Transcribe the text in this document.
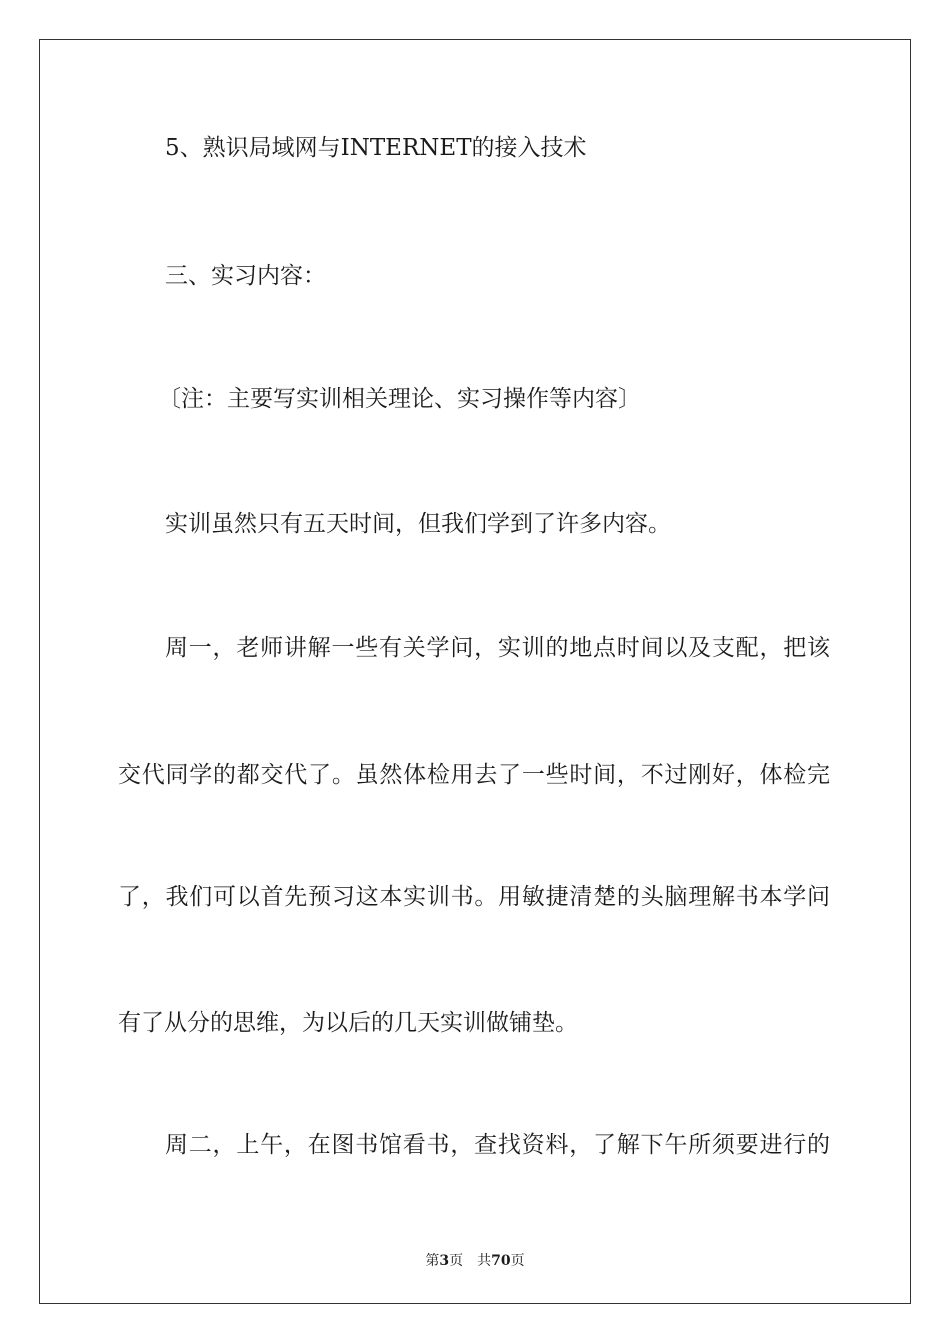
5、熟识局域网与INTERNET的接入技术
三、实习内容：
〔注：主要写实训相关理论、实习操作等内容〕
实训虽然只有五天时间，但我们学到了许多内容。
周一，老师讲解一些有关学问，实训的地点时间以及支配，把该
交代同学的都交代了。虽然体检用去了一些时间，不过刚好，体检完
了，我们可以首先预习这本实训书。用敏捷清楚的头脑理解书本学问
有了从分的思维，为以后的几天实训做铺垫。
周二，上午，在图书馆看书，查找资料，了解下午所须要进行的
第3页 共70页
